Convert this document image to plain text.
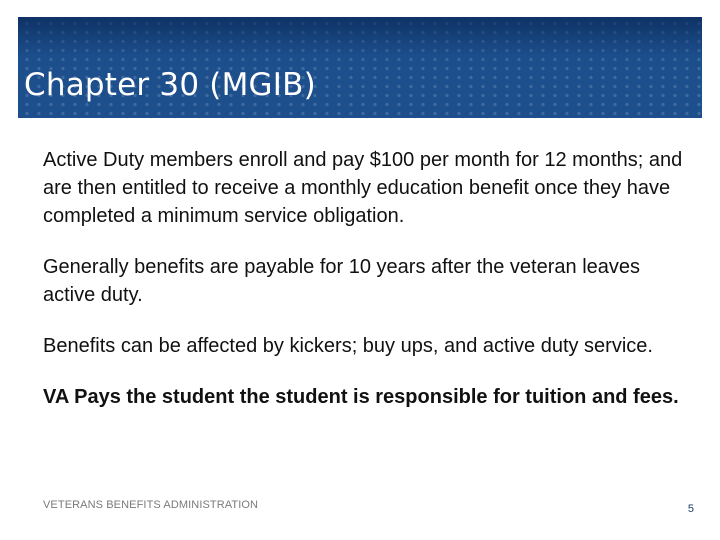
Chapter 30 (MGIB)

Active Duty members enroll and pay $100 per month for 12 months; and are then entitled to receive a monthly education benefit once they have completed a minimum service obligation.

Generally benefits are payable for 10 years after the veteran leaves active duty.

Benefits can be affected by kickers; buy ups, and active duty service.

VA Pays the student the student is responsible for tuition and fees.

VETERANS BENEFITS ADMINISTRATION	5
